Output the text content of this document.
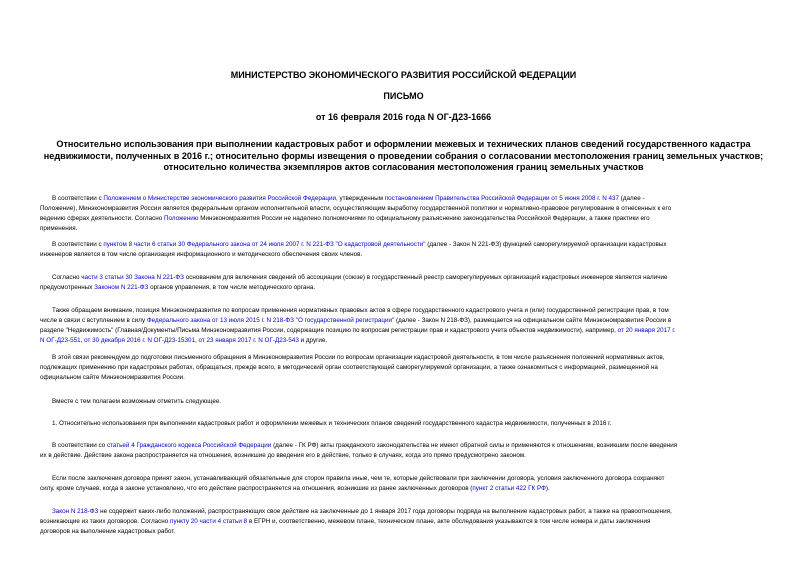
МИНИСТЕРСТВО ЭКОНОМИЧЕСКОГО РАЗВИТИЯ РОССИЙСКОЙ ФЕДЕРАЦИИ
ПИСЬМО
от 16 февраля 2016 года N ОГ-Д23-1666
Относительно использования при выполнении кадастровых работ и оформлении межевых и технических планов сведений государственного кадастра
недвижимости, полученных в 2016 г.; относительно формы извещения о проведении собрания о согласовании местоположения границ земельных участков;
относительно количества экземпляров актов согласования местоположения границ земельных участков
В соответствии с Положением о Министерстве экономического развития Российской Федерации, утвержденным постановлением Правительства Российской Федерации от 5 июня 2008 г. N 437 (далее -
Положение), Минэкономразвития России является федеральным органом исполнительной власти, осуществляющим выработку государственной политики и нормативно-правовое регулирование в отнесенных к его
ведению сферах деятельности. Согласно Положению Минэкономразвития России не наделено полномочиями по официальному разъяснению законодательства Российской Федерации, а также практики его
применения.
В соответствии с пунктом 8 части 6 статьи 30 Федерального закона от 24 июля 2007 г. N 221-ФЗ "О кадастровой деятельности" (далее - Закон N 221-ФЗ) функцией саморегулируемой организации кадастровых
инженеров является в том числе организация информационного и методического обеспечения своих членов.
Согласно части 3 статьи 30 Закона N 221-ФЗ основанием для включения сведений об ассоциации (союзе) в государственный реестр саморегулируемых организаций кадастровых инженеров является наличие
предусмотренных Законом N 221-ФЗ органов управления, в том числе методического органа.
Также обращаем внимание, позиция Минэкономразвития по вопросам применения нормативных правовых актов в сфере государственного кадастрового учета и (или) государственной регистрации прав, в том
числе в связи с вступлением в силу Федерального закона от 13 июля 2015 г. N 218-ФЗ "О государственной регистрации" (далее - Закон N 218-ФЗ), размещается на официальном сайте Минэкономразвития России в
разделе "Недвижимость" (Главная/Документы/Письма Минэкономразвития России, содержащие позицию по вопросам регистрации прав и кадастрового учета объектов недвижимости), например, от 20 января 2017 г.
N ОГ-Д23-551, от 30 декабря 2016 г. N ОГ-Д23-15301, от 23 января 2017 г. N ОГ-Д23-543 и другие.
В этой связи рекомендуем до подготовки письменного обращения в Минэкономразвития России по вопросам организации кадастровой деятельности, в том числе разъяснения положений нормативных актов,
подлежащих применению при кадастровых работах, обращаться, прежде всего, в методический орган соответствующей саморегулируемой организации, а также ознакомиться с информацией, размещенной на
официальном сайте Минэкономразвития России.
Вместе с тем полагаем возможным отметить следующее.
1. Относительно использования при выполнении кадастровых работ и оформлении межевых и технических планов сведений государственного кадастра недвижимости, полученных в 2016 г.
В соответствии со статьей 4 Гражданского кодекса Российской Федерации (далее - ГК РФ) акты гражданского законодательства не имеют обратной силы и применяются к отношениям, возникшим после введения
их в действие. Действие закона распространяется на отношения, возникшие до введения его в действие, только в случаях, когда это прямо предусмотрено законом.
Если после заключения договора принят закон, устанавливающий обязательные для сторон правила иные, чем те, которые действовали при заключении договора, условия заключенного договора сохраняют
силу, кроме случаев, когда в законе установлено, что его действие распространяется на отношения, возникшие из ранее заключенных договоров (пункт 2 статьи 422 ГК РФ).
Закон N 218-ФЗ не содержит каких-либо положений, распространяющих свое действие на заключенные до 1 января 2017 года договоры подряда на выполнение кадастровых работ, а также на правоотношения,
возникающие из таких договоров. Согласно пункту 20 части 4 статьи 8 в ЕГРН и, соответственно, межевом плане, техническом плане, акте обследования указываются в том числе номера и даты заключения
договоров на выполнение кадастровых работ.
